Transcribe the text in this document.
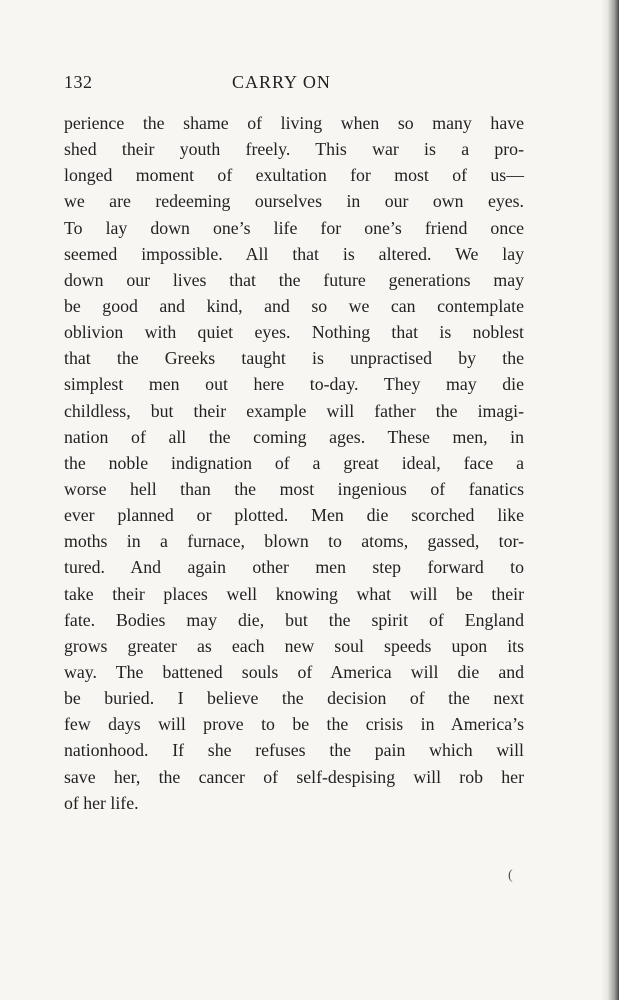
132	CARRY ON
perience the shame of living when so many have
shed their youth freely. This war is a pro-
longed moment of exultation for most of us—
we are redeeming ourselves in our own eyes.
To lay down one’s life for one’s friend once
seemed impossible. All that is altered. We lay
down our lives that the future generations may
be good and kind, and so we can contemplate
oblivion with quiet eyes. Nothing that is noblest
that the Greeks taught is unpractised by the
simplest men out here to-day. They may die
childless, but their example will father the imagi-
nation of all the coming ages. These men, in
the noble indignation of a great ideal, face a
worse hell than the most ingenious of fanatics
ever planned or plotted. Men die scorched like
moths in a furnace, blown to atoms, gassed, tor-
tured. And again other men step forward to
take their places well knowing what will be their
fate. Bodies may die, but the spirit of England
grows greater as each new soul speeds upon its
way. The battened souls of America will die and
be buried. I believe the decision of the next
few days will prove to be the crisis in America’s
nationhood. If she refuses the pain which will
save her, the cancer of self-despising will rob her
of her life.
(
